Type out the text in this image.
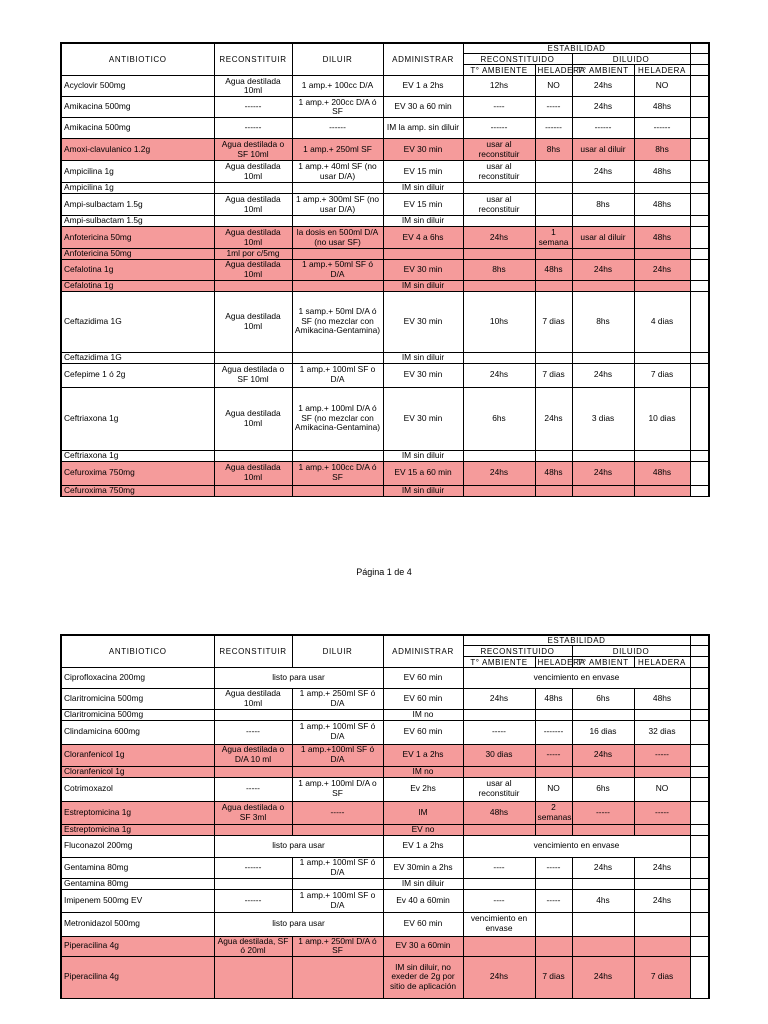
ANTIBIOTICO	RECONSTITUIR	DILUIR	ADMINISTRAR	ESTABILIDAD				
				RECONSTITUIDO		DILUIDO		
				T° AMBIENTE	HELADERA	T° AMBIENT	HELADERA	
Acyclovir 500mg	Agua destilada 10ml	1 amp.+ 100cc D/A	EV 1 a 2hs	12hs	NO	24hs	NO	
Amikacina 500mg	------	1 amp.+ 200cc D/A ó SF	EV 30 a 60 min	----	-----	24hs	48hs	
Amikacina 500mg	------	------	IM la amp. sin diluir	------	------	------	------	
Amoxi-clavulanico 1.2g	Agua destilada o SF 10ml	1 amp.+ 250ml SF	EV 30 min	usar al reconstituir	8hs	usar al diluir	8hs	
Ampicilina 1g	Agua destilada 10ml	1 amp.+ 40ml SF (no usar D/A)	EV 15 min	usar al reconstituir		24hs	48hs	
Ampicilina 1g			IM sin diluir					
Ampi-sulbactam 1.5g	Agua destilada 10ml	1 amp.+ 300ml SF (no usar D/A)	EV 15 min	usar al reconstituir		8hs	48hs	
Ampi-sulbactam 1.5g			IM sin diluir					
Anfotericina 50mg	Agua destilada 10ml	la dosis en 500ml D/A (no usar SF)	EV 4 a 6hs	24hs	1 semana	usar al diluir	48hs	
Anfotericina 50mg	1ml por c/5mg							
Cefalotina 1g	Agua destilada 10ml	1 amp.+ 50ml SF ó D/A	EV 30 min	8hs	48hs	24hs	24hs	
Cefalotina 1g			IM sin diluir					
Ceftazidima 1G	Agua destilada 10ml	1 samp.+ 50ml D/A ó SF (no mezclar con Amikacina-Gentamina)	EV 30 min	10hs	7 dias	8hs	4 dias	
Ceftazidima 1G			IM sin diluir					
Cefepime 1 ó 2g	Agua destilada o SF 10ml	1 amp.+ 100ml SF o D/A	EV 30 min	24hs	7 dias	24hs	7 dias	
Ceftriaxona 1g	Agua destilada 10ml	1 amp.+ 100ml D/A ó SF (no mezclar con Amikacina-Gentamina)	EV 30 min	6hs	24hs	3 dias	10 dias	
Ceftriaxona 1g			IM sin diluir					
Cefuroxima 750mg	Agua destilada 10ml	1 amp.+ 100cc D/A ó SF	EV 15 a 60 min	24hs	48hs	24hs	48hs	
Cefuroxima 750mg			IM sin diluir					
Página 1 de 4
ANTIBIOTICO	RECONSTITUIR	DILUIR	ADMINISTRAR	ESTABILIDAD				
				RECONSTITUIDO		DILUIDO		
				T° AMBIENTE	HELADERA	T° AMBIENT	HELADERA	
Ciprofloxacina 200mg	listo para usar		EV 60 min	vencimiento en envase				
Claritromicina 500mg	Agua destilada 10ml	1 amp.+ 250ml SF ó D/A	EV 60 min	24hs	48hs	6hs	48hs	
Claritromicina 500mg			IM no					
Clindamicina 600mg	-----	1 amp.+ 100ml SF ó D/A	EV 60 min	-----	-------	16 dias	32 dias	
Cloranfenicol 1g	Agua destilada o D/A 10 ml	1 amp.+100ml SF ó D/A	EV 1 a 2hs	30 dias	-----	24hs	-----	
Cloranfenicol 1g			IM no					
Cotrimoxazol	-----	1 amp.+ 100ml D/A o SF	Ev 2hs	usar al reconstituir	NO	6hs	NO	
Estreptomicina 1g	Agua destilada o SF 3ml	-----	IM	48hs	2 semanas	-----	-----	
Estreptomicina 1g			EV no					
Fluconazol 200mg	listo para usar		EV 1 a 2hs	vencimiento en envase				
Gentamina 80mg	------	1 amp.+ 100ml SF ó D/A	EV 30min a 2hs	----	-----	24hs	24hs	
Gentamina 80mg			IM sin diluir					
Imipenem 500mg EV	------	1 amp.+ 100ml SF o D/A	Ev 40 a 60min	----	-----	4hs	24hs	
Metronidazol 500mg	listo para usar		EV 60 min	vencimiento en envase				
Piperacilina 4g	Agua destilada, SF ó 20ml	1 amp.+ 250ml D/A ó SF	EV 30 a 60min					
Piperacilina 4g			IM sin diluir, no exeder de 2g por sitio de aplicación	24hs	7 dias	24hs	7 dias	
